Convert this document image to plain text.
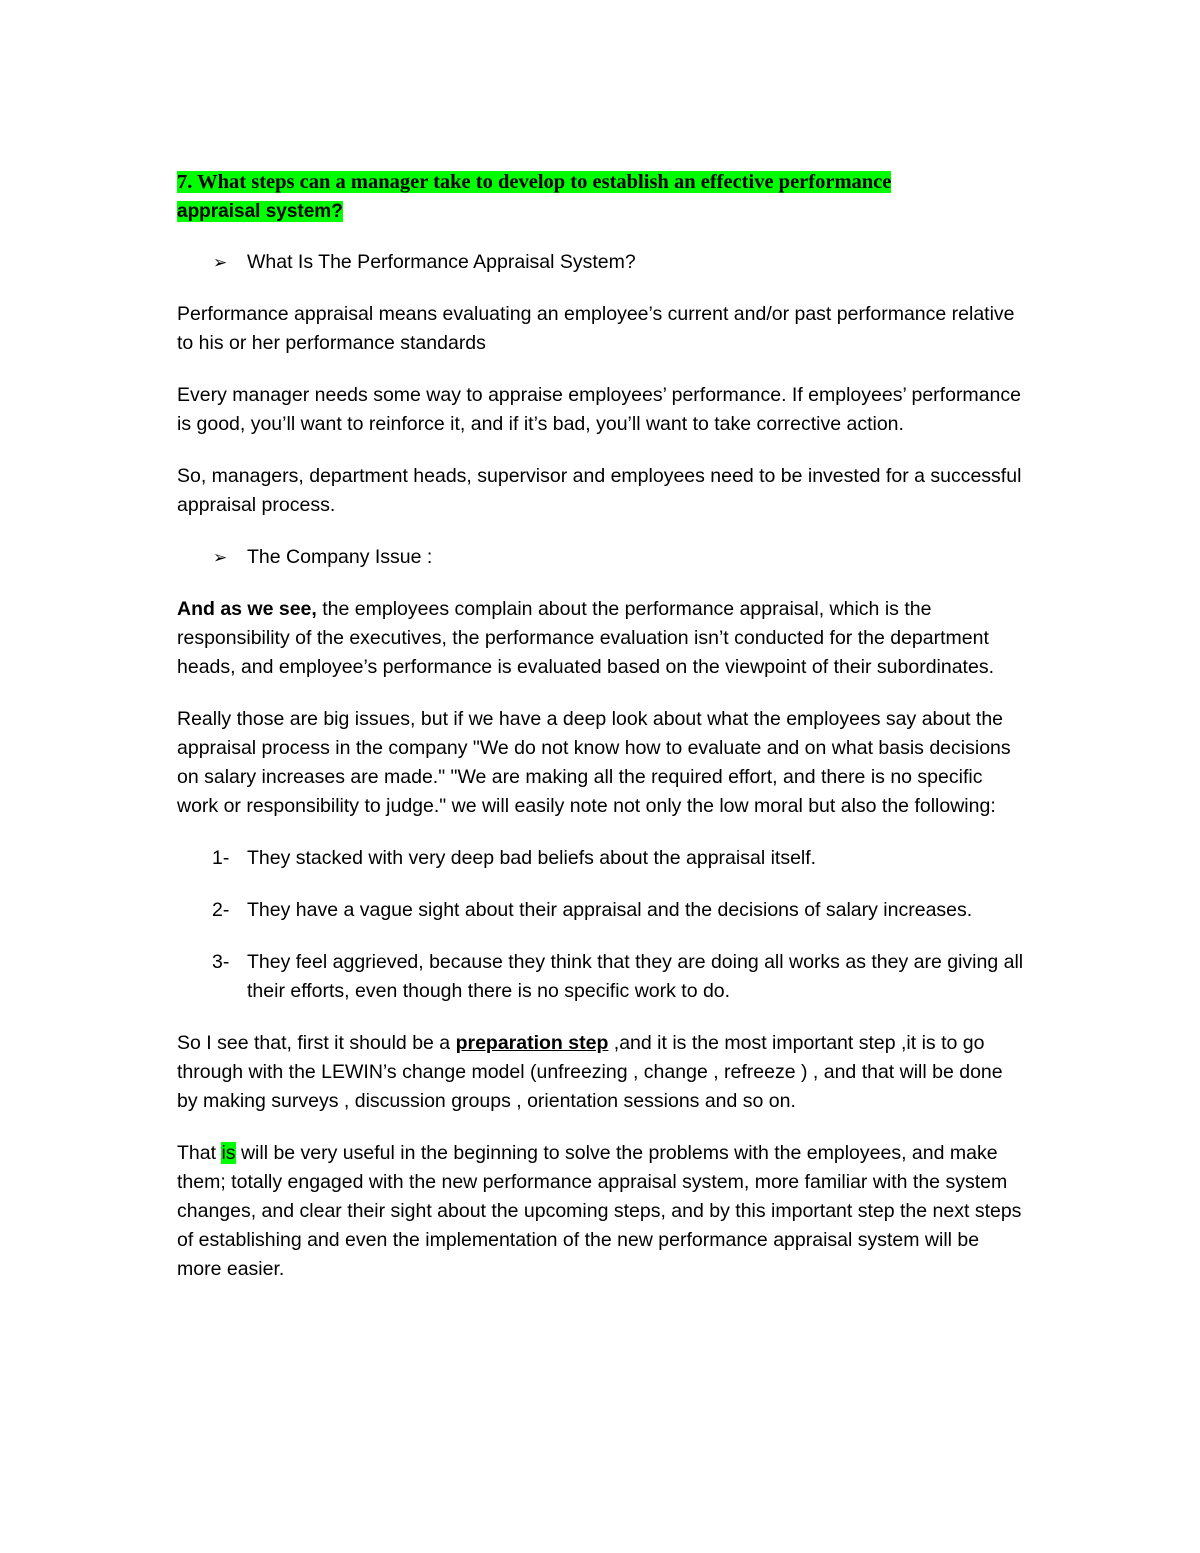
7. What steps can a manager take to develop to establish an effective performance
appraisal system?
➢ What Is The Performance Appraisal System?

Performance appraisal means evaluating an employee’s current and/or past performance relative to his or her performance standards

Every manager needs some way to appraise employees’ performance. If employees’ performance is good, you’ll want to reinforce it, and if it’s bad, you’ll want to take corrective action.

So, managers, department heads, supervisor and employees need to be invested for a successful appraisal process.

➢ The Company Issue :

And as we see, the employees complain about the performance appraisal, which is the responsibility of the executives, the performance evaluation isn’t conducted for the department heads, and employee’s performance is evaluated based on the viewpoint of their subordinates.

Really those are big issues, but if we have a deep look about what the employees say about the appraisal process in the company "We do not know how to evaluate and on what basis decisions on salary increases are made." "We are making all the required effort, and there is no specific work or responsibility to judge." we will easily note not only the low moral but also the following:

1- They stacked with very deep bad beliefs about the appraisal itself.
2- They have a vague sight about their appraisal and the decisions of salary increases.
3- They feel aggrieved, because they think that they are doing all works as they are giving all their efforts, even though there is no specific work to do.

So I see that, first it should be a preparation step ,and it is the most important step ,it is to go through with the LEWIN’s change model (unfreezing , change , refreeze ) , and that will be done by making surveys , discussion groups , orientation sessions and so on.

That is will be very useful in the beginning to solve the problems with the employees, and make them; totally engaged with the new performance appraisal system, more familiar with the system changes, and clear their sight about the upcoming steps, and by this important step the next steps of establishing and even the implementation of the new performance appraisal system will be more easier.
